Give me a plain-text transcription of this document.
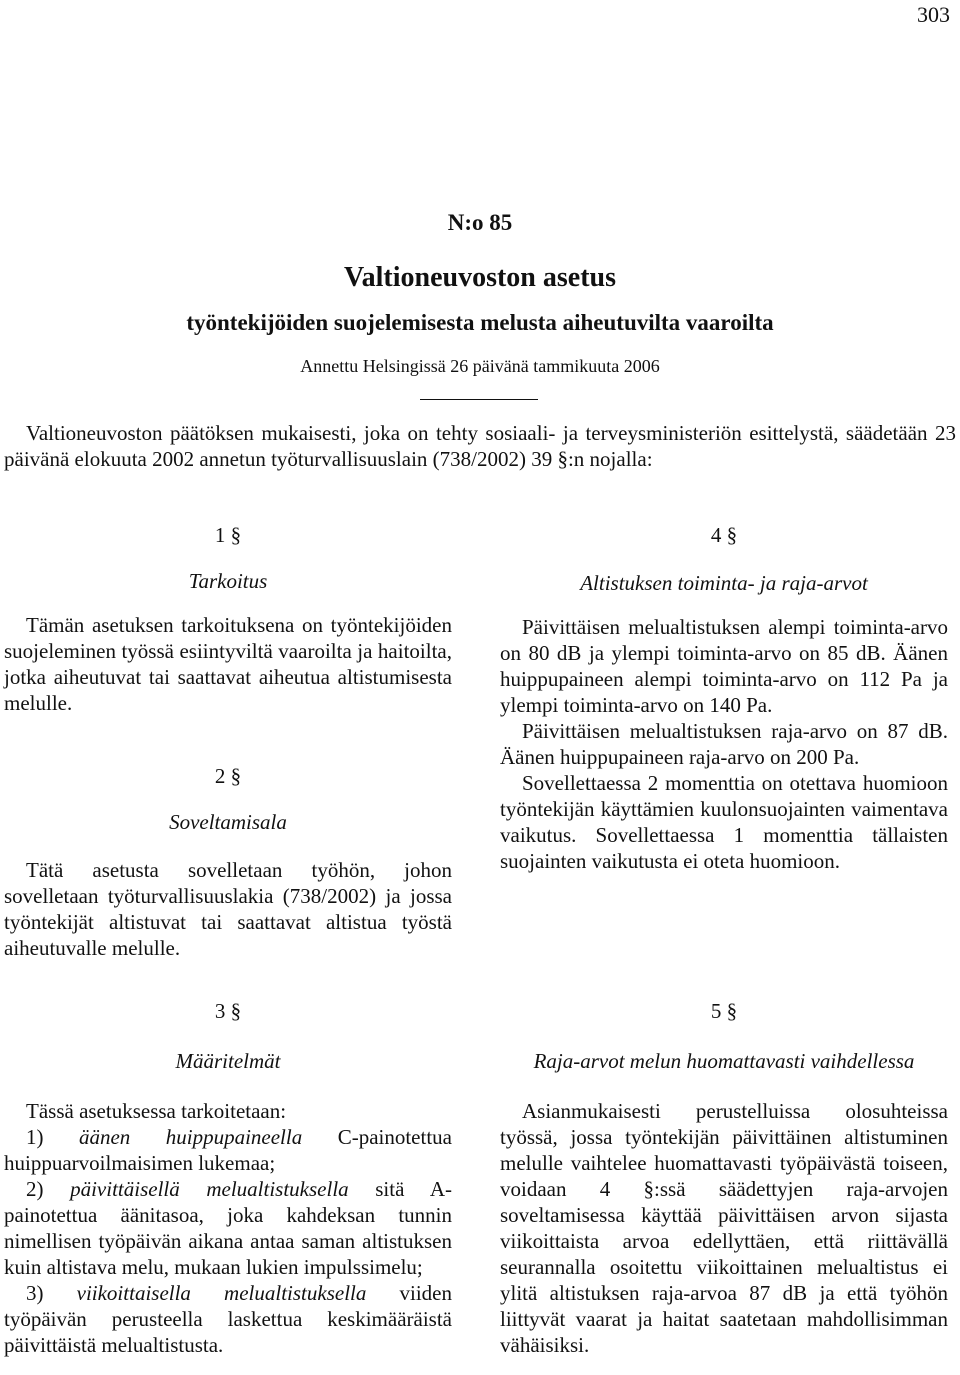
303
N:o 85
Valtioneuvoston asetus
työntekijöiden suojelemisesta melusta aiheutuvilta vaaroilta
Annettu Helsingissä 26 päivänä tammikuuta 2006

Valtioneuvoston päätöksen mukaisesti, joka on tehty sosiaali- ja terveysministeriön esittelystä, säädetään 23 päivänä elokuuta 2002 annetun työturvallisuuslain (738/2002) 39 §:n nojalla:

1 §

Tarkoitus

Tämän asetuksen tarkoituksena on työntekijöiden suojeleminen työssä esiintyviltä vaaroilta ja haitoilta, jotka aiheutuvat tai saattavat aiheutua altistumisesta melulle.

2 §

Soveltamisala

Tätä asetusta sovelletaan työhön, johon sovelletaan työturvallisuuslakia (738/2002) ja jossa työntekijät altistuvat tai saattavat altistua työstä aiheutuvalle melulle.

4 §

Altistuksen toiminta- ja raja-arvot

Päivittäisen melualtistuksen alempi toiminta-arvo on 80 dB ja ylempi toiminta-arvo on 85 dB. Äänen huippupaineen alempi toiminta-arvo on 112 Pa ja ylempi toiminta-arvo on 140 Pa.

Päivittäisen melualtistuksen raja-arvo on 87 dB. Äänen huippupaineen raja-arvo on 200 Pa.

Sovellettaessa 2 momenttia on otettava huomioon työntekijän käyttämien kuulonsuojainten vaimentava vaikutus. Sovellettaessa 1 momenttia tällaisten suojainten vaikutusta ei oteta huomioon.

3 §

Määritelmät

Tässä asetuksessa tarkoitetaan:

1) äänen huippupaineella C-painotettua huippuarvoilmaisimen lukemaa;

2) päivittäisellä melualtistuksella sitä A-painotettua äänitasoa, joka kahdeksan tunnin nimellisen työpäivän aikana antaa saman altistuksen kuin altistava melu, mukaan lukien impulssimelu;

3) viikoittaisella melualtistuksella viiden työpäivän perusteella laskettua keskimääräistä päivittäistä melualtistusta.

5 §

Raja-arvot melun huomattavasti vaihdellessa

Asianmukaisesti perustelluissa olosuhteissa työssä, jossa työntekijän päivittäinen altistuminen melulle vaihtelee huomattavasti työpäivästä toiseen, voidaan 4 §:ssä säädettyjen raja-arvojen soveltamisessa käyttää päivittäisen arvon sijasta viikoittaista arvoa edellyttäen, että riittävällä seurannalla osoitettu viikoittainen melualtistus ei ylitä altistuksen raja-arvoa 87 dB ja että työhön liittyvät vaarat ja haitat saatetaan mahdollisimman vähäisiksi.
